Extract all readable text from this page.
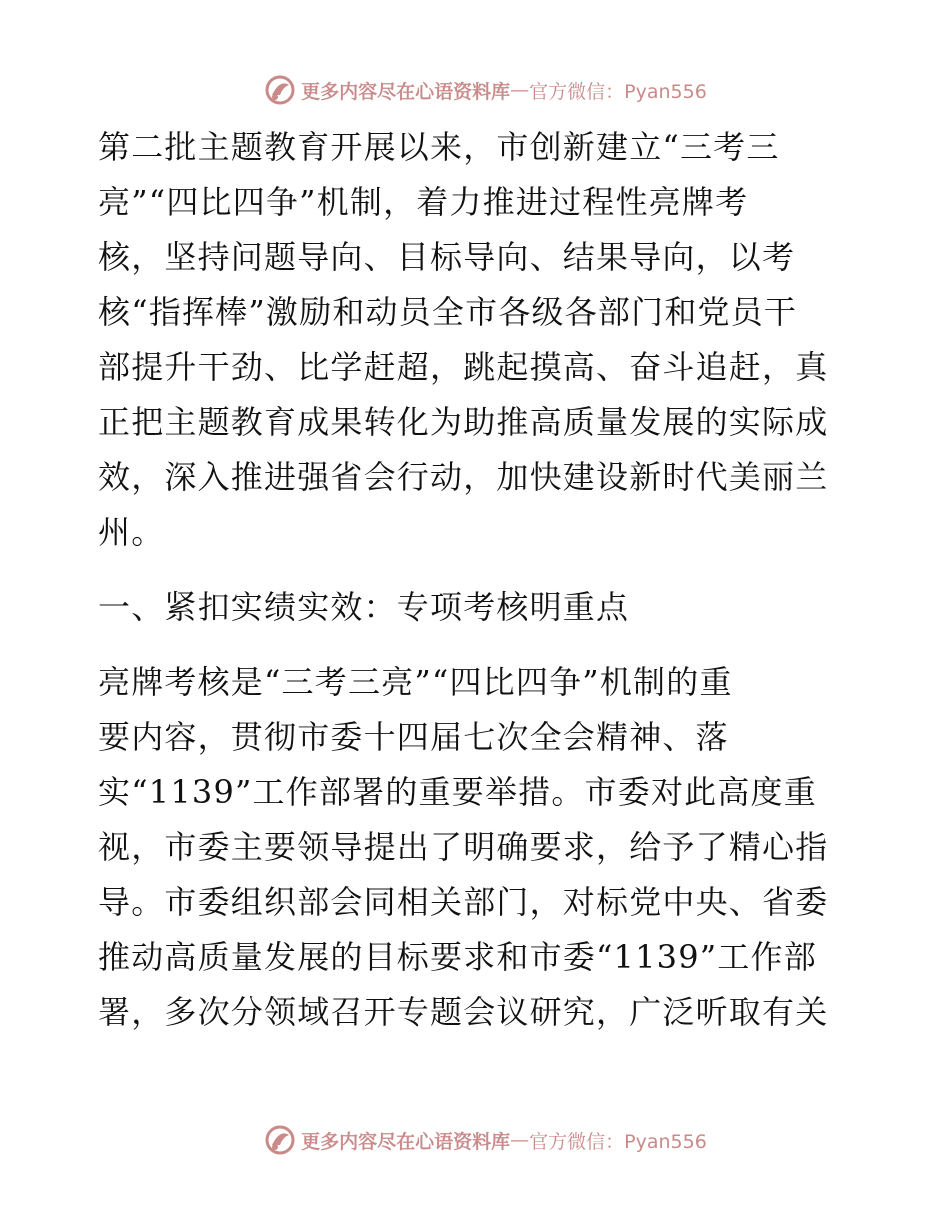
更多内容尽在心语资料库 — 官方微信：Pyan556
第二批主题教育开展以来，市创新建立“三考三
亮”“四比四争”机制，着力推进过程性亮牌考
核，坚持问题导向、目标导向、结果导向，以考
核“指挥棒”激励和动员全市各级各部门和党员干
部提升干劲、比学赶超，跳起摸高、奋斗追赶，真
正把主题教育成果转化为助推高质量发展的实际成
效，深入推进强省会行动，加快建设新时代美丽兰
州。
一、紧扣实绩实效：专项考核明重点
亮牌考核是“三考三亮”“四比四争”机制的重
要内容，贯彻市委十四届七次全会精神、落
实“1139”工作部署的重要举措。市委对此高度重
视，市委主要领导提出了明确要求，给予了精心指
导。市委组织部会同相关部门，对标党中央、省委
推动高质量发展的目标要求和市委“1139”工作部
署，多次分领域召开专题会议研究，广泛听取有关
更多内容尽在心语资料库 — 官方微信：Pyan556
